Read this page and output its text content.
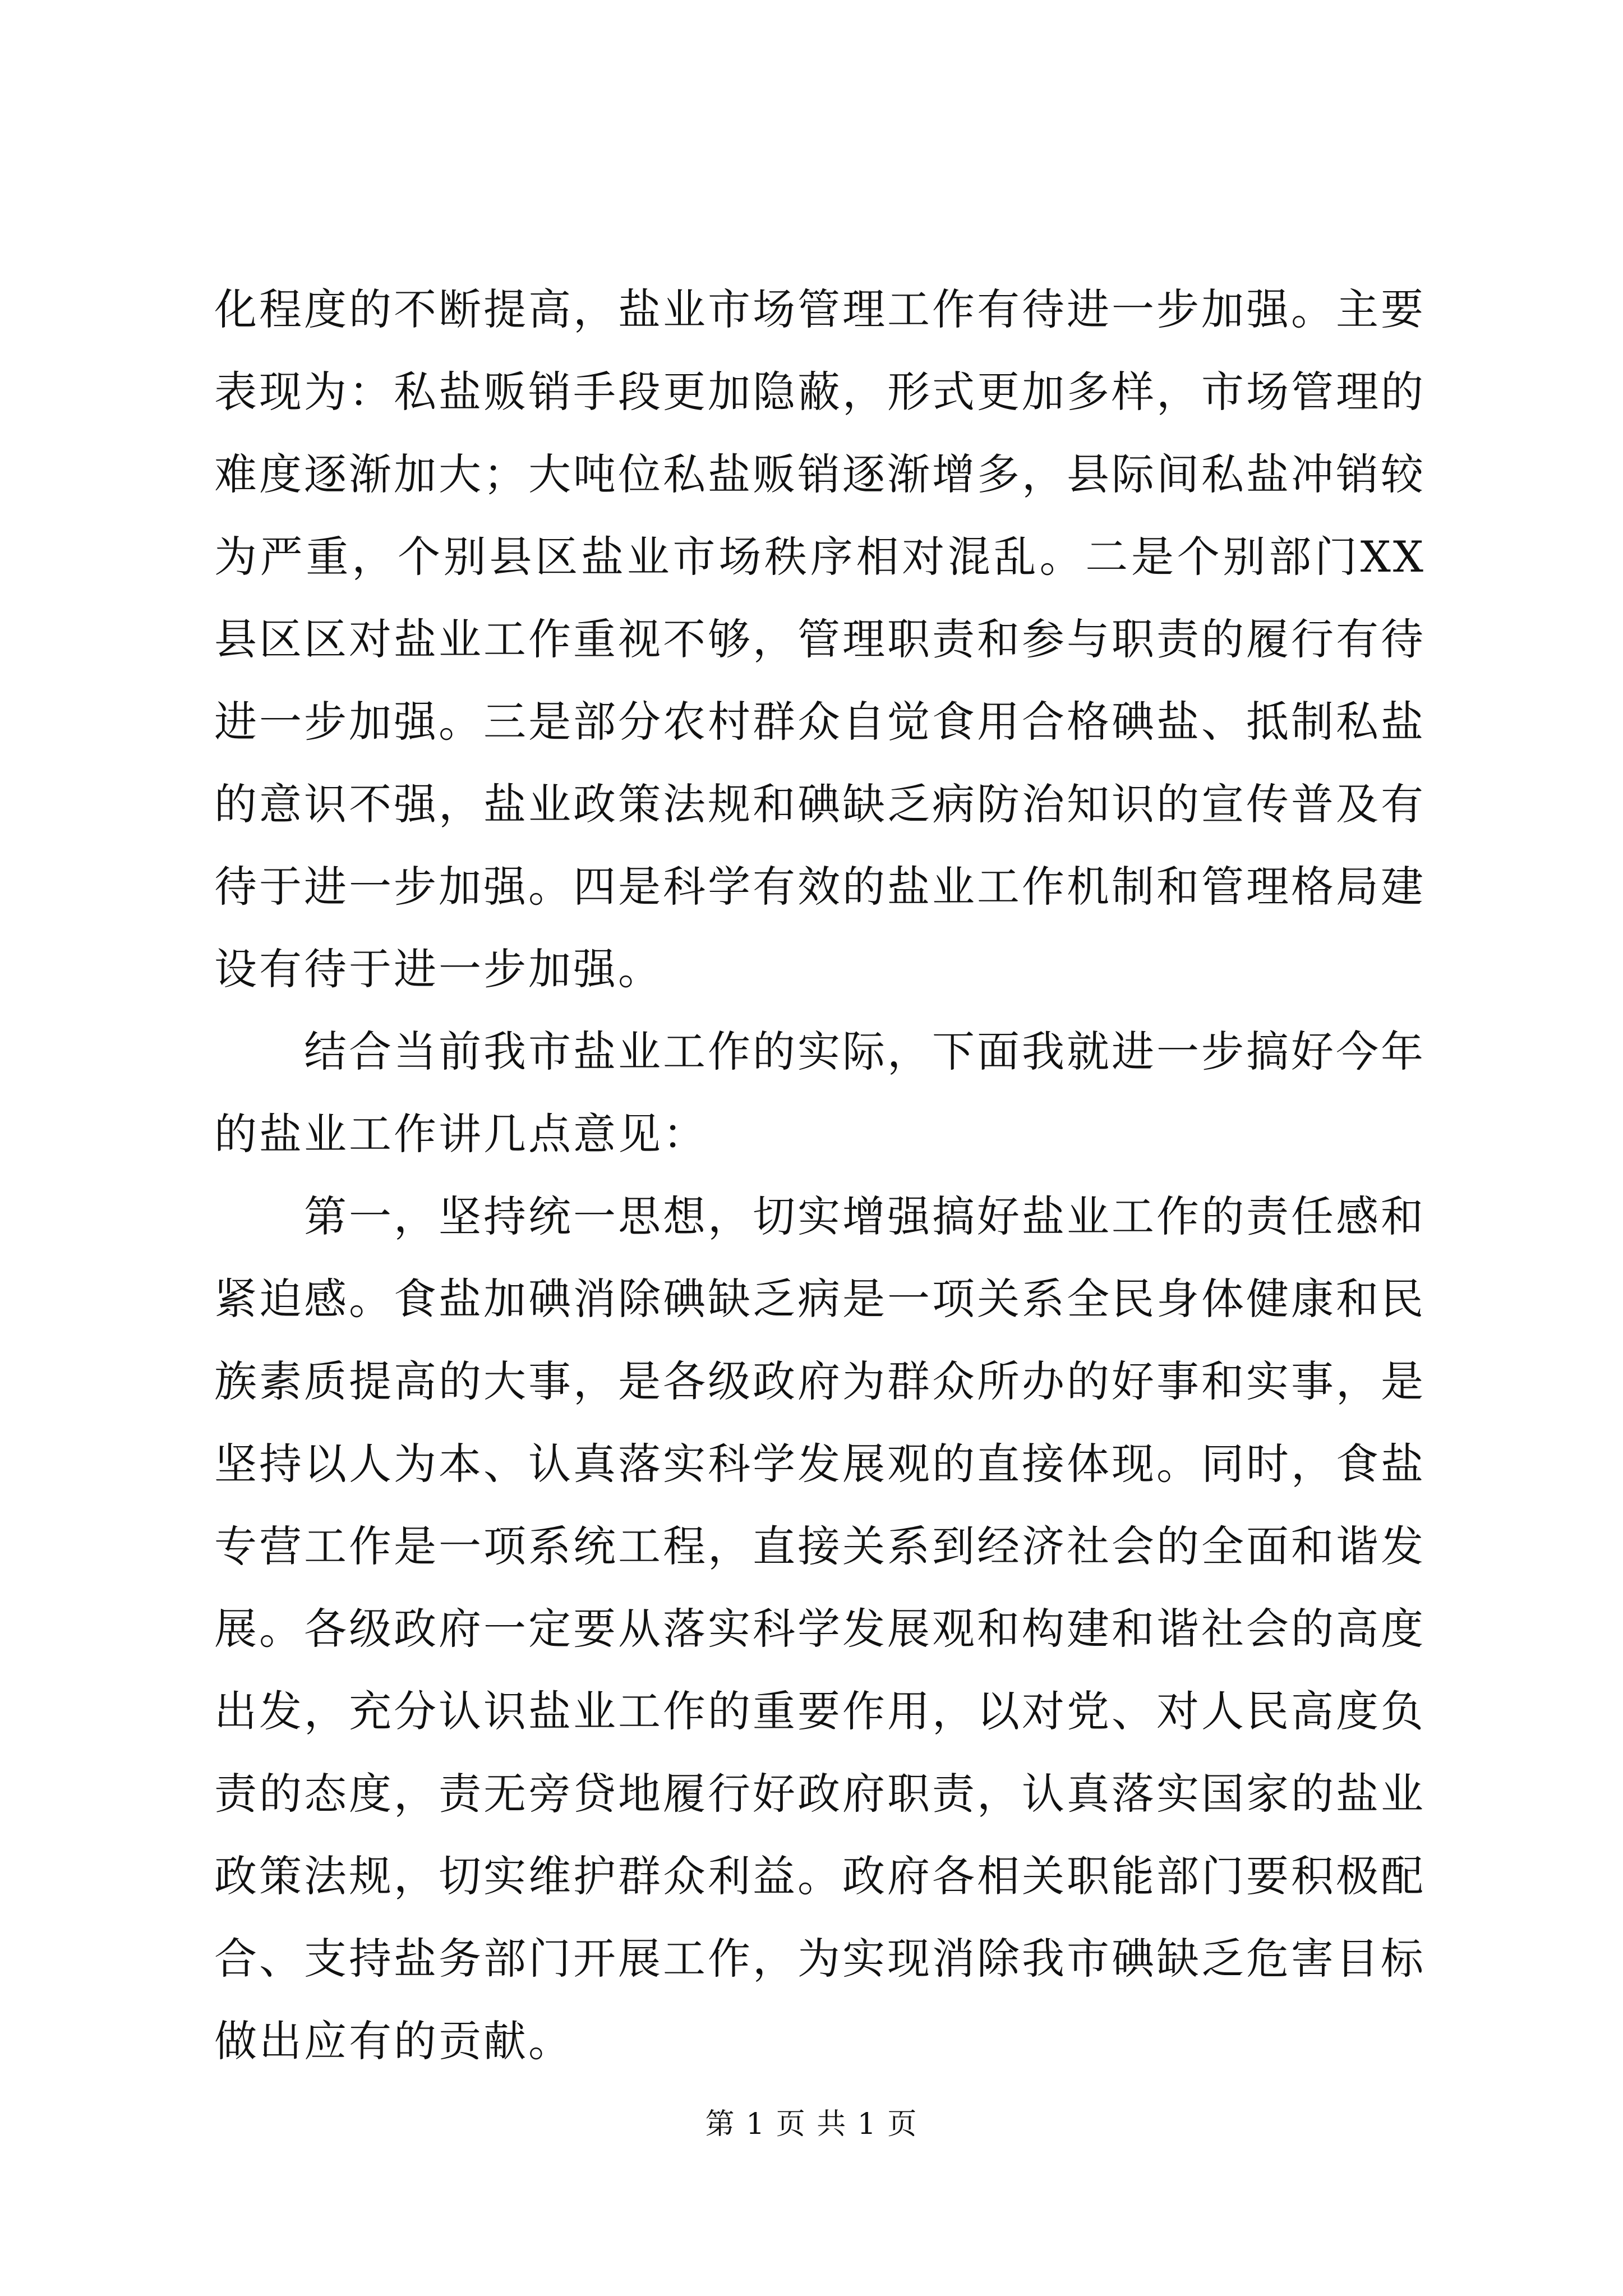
化程度的不断提高，盐业市场管理工作有待进一步加强。主要表现为：私盐贩销手段更加隐蔽，形式更加多样，市场管理的难度逐渐加大；大吨位私盐贩销逐渐增多，县际间私盐冲销较为严重，个别县区盐业市场秩序相对混乱。二是个别部门XX县区区对盐业工作重视不够，管理职责和参与职责的履行有待进一步加强。三是部分农村群众自觉食用合格碘盐、抵制私盐的意识不强，盐业政策法规和碘缺乏病防治知识的宣传普及有待于进一步加强。四是科学有效的盐业工作机制和管理格局建设有待于进一步加强。

结合当前我市盐业工作的实际，下面我就进一步搞好今年的盐业工作讲几点意见：

第一，坚持统一思想，切实增强搞好盐业工作的责任感和紧迫感。食盐加碘消除碘缺乏病是一项关系全民身体健康和民族素质提高的大事，是各级政府为群众所办的好事和实事，是坚持以人为本、认真落实科学发展观的直接体现。同时，食盐专营工作是一项系统工程，直接关系到经济社会的全面和谐发展。各级政府一定要从落实科学发展观和构建和谐社会的高度出发，充分认识盐业工作的重要作用，以对党、对人民高度负责的态度，责无旁贷地履行好政府职责，认真落实国家的盐业政策法规，切实维护群众利益。政府各相关职能部门要积极配合、支持盐务部门开展工作，为实现消除我市碘缺乏危害目标做出应有的贡献。

第 1 页 共 1 页
